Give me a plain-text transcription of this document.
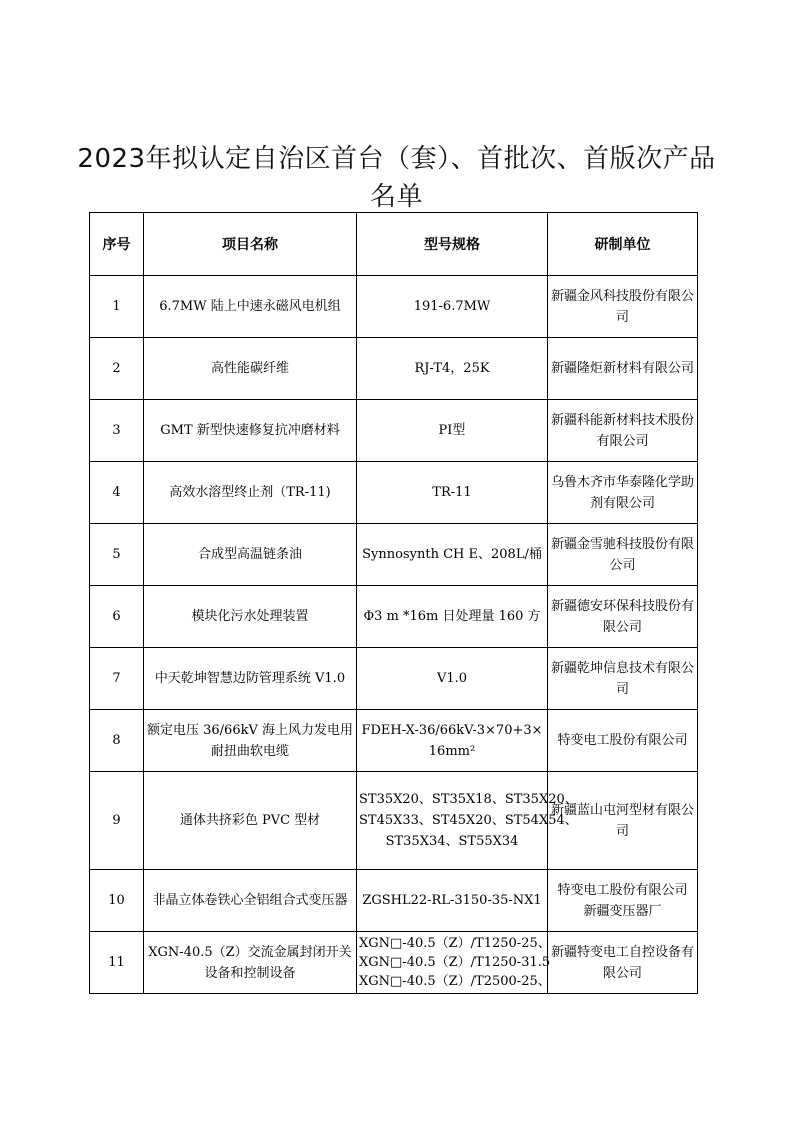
2023年拟认定自治区首台（套）、首批次、首版次产品
名单
序号	项目名称	型号规格	研制单位
1	6.7MW 陆上中速永磁风电机组	191-6.7MW	新疆金风科技股份有限公司
2	高性能碳纤维	RJ-T4，25K	新疆隆炬新材料有限公司
3	GMT 新型快速修复抗冲磨材料	PⅠ型	新疆科能新材料技术股份有限公司
4	高效水溶型终止剂（TR-11)	TR-11	乌鲁木齐市华泰隆化学助剂有限公司
5	合成型高温链条油	Synnosynth CH E、208L/桶	新疆金雪驰科技股份有限公司
6	模块化污水处理装置	Φ3 m *16m 日处理量 160 方	新疆德安环保科技股份有限公司
7	中天乾坤智慧边防管理系统 V1.0	V1.0	新疆乾坤信息技术有限公司
8	额定电压 36/66kV 海上风力发电用耐扭曲软电缆	FDEH-X-36/66kV-3×70+3×16mm²	特变电工股份有限公司
9	通体共挤彩色 PVC 型材	ST35X20、ST35X18、ST35X20、
ST45X33、ST45X20、ST54X54、
ST35X34、ST55X34	新疆蓝山屯河型材有限公司
10	非晶立体卷铁心全铝组合式变压器	ZGSHL22-RL-3150-35-NX1	特变电工股份有限公司
新疆变压器厂

11	XGN-40.5（Z）交流金属封闭开关设备和控制设备	XGN□-40.5（Z）/T1250-25、
XGN□-40.5（Z）/T1250-31.5
XGN□-40.5（Z）/T2500-25、	新疆特变电工自控设备有限公司
